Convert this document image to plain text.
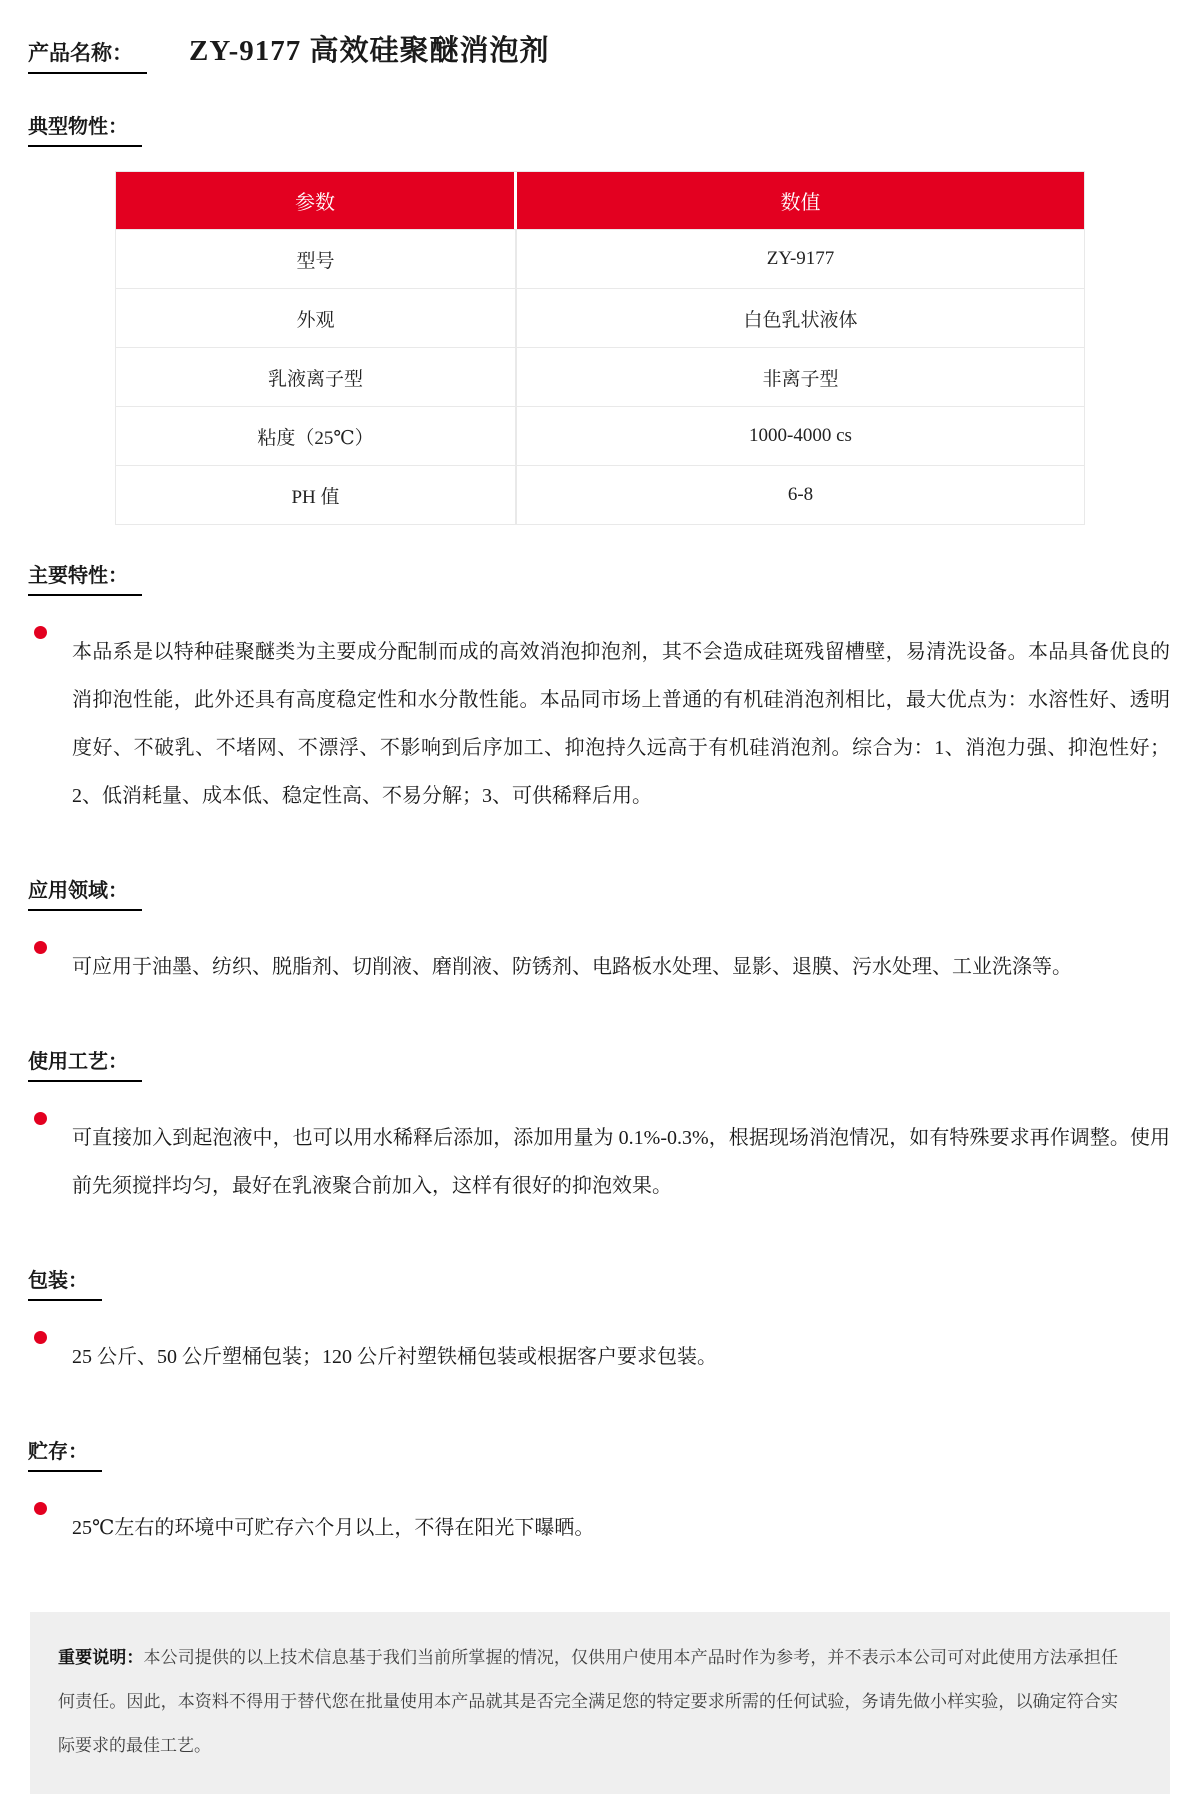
产品名称：	ZY-9177 高效硅聚醚消泡剂
典型物性：
参数	数值
型号	ZY-9177
外观	白色乳状液体
乳液离子型	非离子型
粘度（25℃）	1000-4000 cs
PH 值	6-8
主要特性：

本品系是以特种硅聚醚类为主要成分配制而成的高效消泡抑泡剂，其不会造成硅斑残留槽壁，易清洗设备。本品具备优良的消抑泡性能，此外还具有高度稳定性和水分散性能。本品同市场上普通的有机硅消泡剂相比，最大优点为：水溶性好、透明度好、不破乳、不堵网、不漂浮、不影响到后序加工、抑泡持久远高于有机硅消泡剂。综合为：1、消泡力强、抑泡性好；2、低消耗量、成本低、稳定性高、不易分解；3、可供稀释后用。

应用领域：

可应用于油墨、纺织、脱脂剂、切削液、磨削液、防锈剂、电路板水处理、显影、退膜、污水处理、工业洗涤等。

使用工艺：

可直接加入到起泡液中，也可以用水稀释后添加，添加用量为 0.1%-0.3%，根据现场消泡情况，如有特殊要求再作调整。使用前先须搅拌均匀，最好在乳液聚合前加入，这样有很好的抑泡效果。

包装：

25 公斤、50 公斤塑桶包装；120 公斤衬塑铁桶包装或根据客户要求包装。

贮存：

25℃左右的环境中可贮存六个月以上，不得在阳光下曝晒。

重要说明：本公司提供的以上技术信息基于我们当前所掌握的情况，仅供用户使用本产品时作为参考，并不表示本公司可对此使用方法承担任何责任。因此，本资料不得用于替代您在批量使用本产品就其是否完全满足您的特定要求所需的任何试验，务请先做小样实验，以确定符合实际要求的最佳工艺。
